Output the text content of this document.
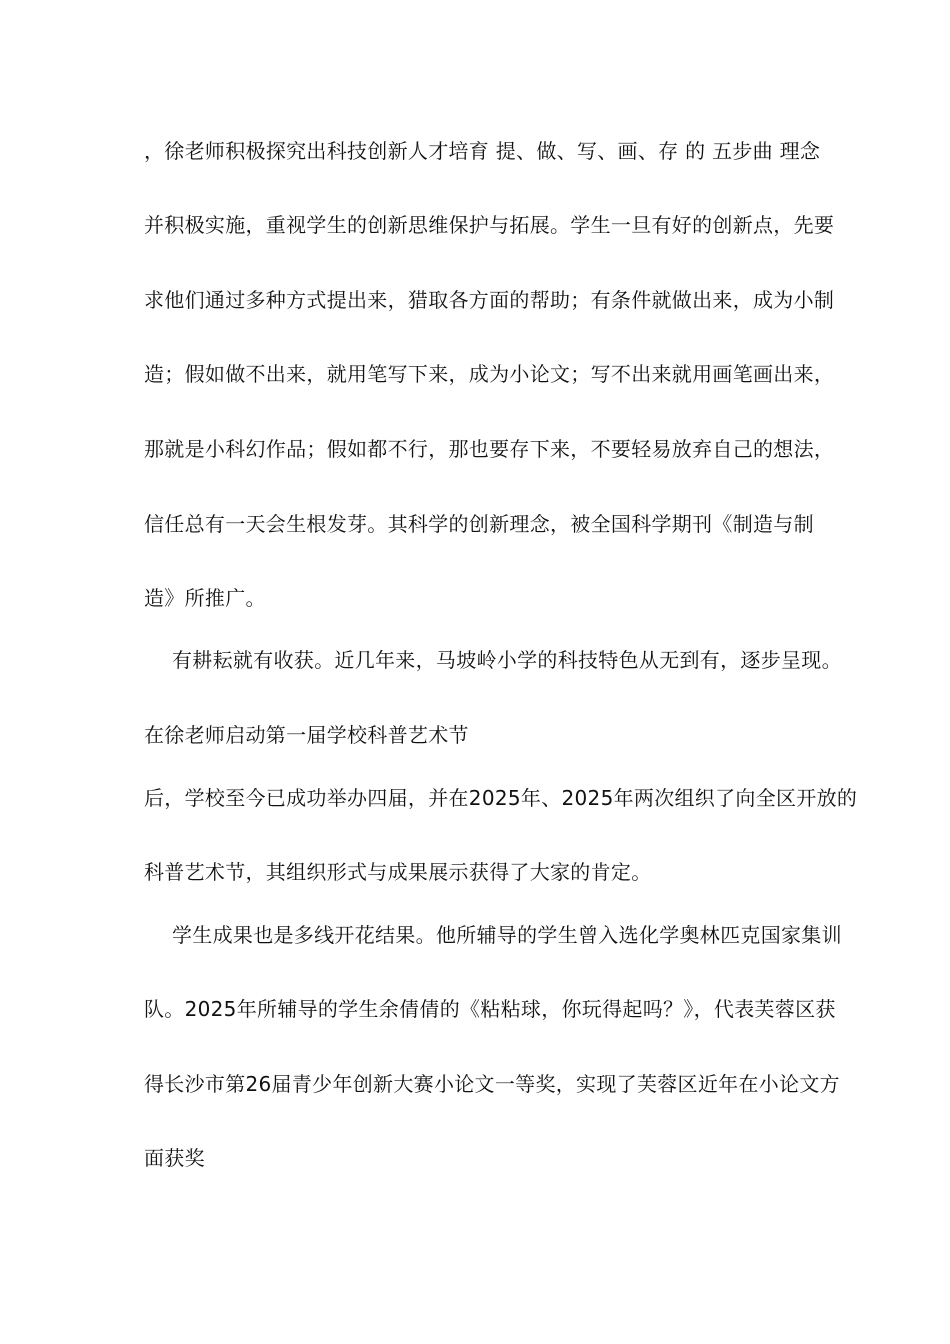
，徐老师积极探究出科技创新人才培育 提、做、写、画、存 的 五步曲 理念
并积极实施，重视学生的创新思维保护与拓展。学生一旦有好的创新点，先要
求他们通过多种方式提出来，猎取各方面的帮助；有条件就做出来，成为小制
造；假如做不出来，就用笔写下来，成为小论文；写不出来就用画笔画出来，
那就是小科幻作品；假如都不行，那也要存下来，不要轻易放弃自己的想法，
信任总有一天会生根发芽。其科学的创新理念，被全国科学期刊《制造与制
造》所推广。
有耕耘就有收获。近几年来，马坡岭小学的科技特色从无到有，逐步呈现。
在徐老师启动第一届学校科普艺术节
后，学校至今已成功举办四届，并在2025年、2025年两次组织了向全区开放的
科普艺术节，其组织形式与成果展示获得了大家的肯定。
学生成果也是多线开花结果。他所辅导的学生曾入选化学奥林匹克国家集训
队。2025年所辅导的学生余倩倩的《粘粘球，你玩得起吗？》，代表芙蓉区获
得长沙市第26届青少年创新大赛小论文一等奖，实现了芙蓉区近年在小论文方
面获奖
